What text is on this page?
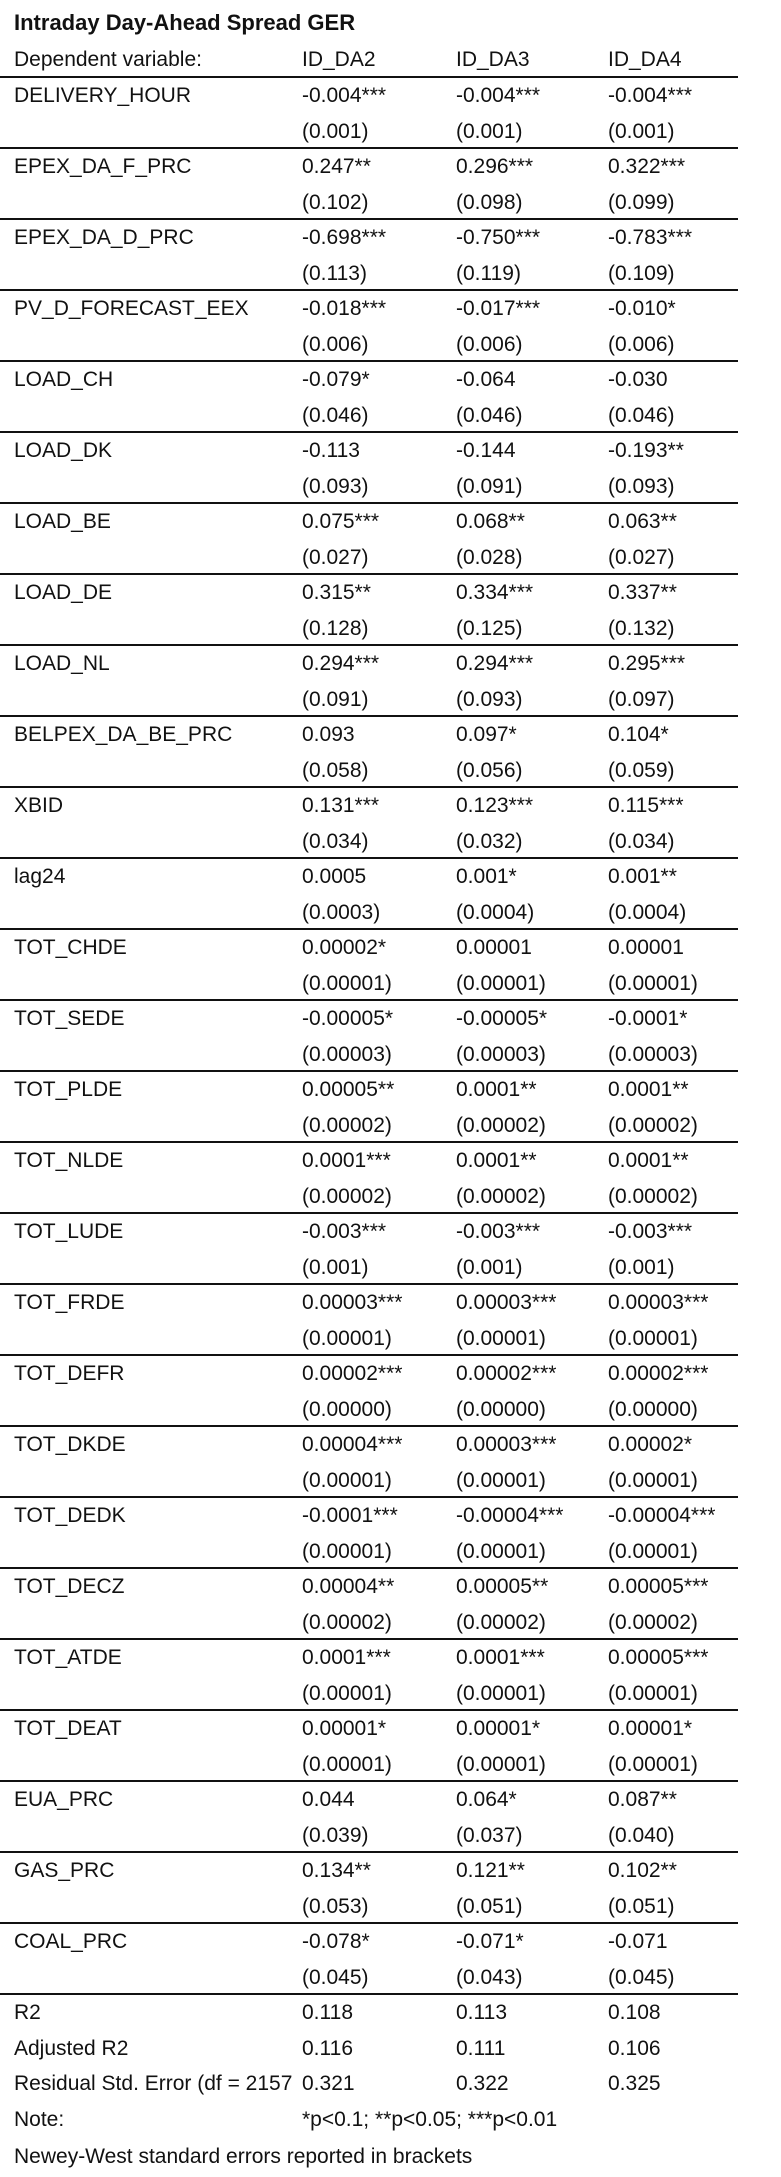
Intraday Day-Ahead Spread GER
Dependent variable:	ID_DA2	ID_DA3	ID_DA4
DELIVERY_HOUR	-0.004***	-0.004***	-0.004***
(0.001)	(0.001)	(0.001)
EPEX_DA_F_PRC	0.247**	0.296***	0.322***
(0.102)	(0.098)	(0.099)
EPEX_DA_D_PRC	-0.698***	-0.750***	-0.783***
(0.113)	(0.119)	(0.109)
PV_D_FORECAST_EEX	-0.018***	-0.017***	-0.010*
(0.006)	(0.006)	(0.006)
LOAD_CH	-0.079*	-0.064	-0.030
(0.046)	(0.046)	(0.046)
LOAD_DK	-0.113	-0.144	-0.193**
(0.093)	(0.091)	(0.093)
LOAD_BE	0.075***	0.068**	0.063**
(0.027)	(0.028)	(0.027)
LOAD_DE	0.315**	0.334***	0.337**
(0.128)	(0.125)	(0.132)
LOAD_NL	0.294***	0.294***	0.295***
(0.091)	(0.093)	(0.097)
BELPEX_DA_BE_PRC	0.093	0.097*	0.104*
(0.058)	(0.056)	(0.059)
XBID	0.131***	0.123***	0.115***
(0.034)	(0.032)	(0.034)
lag24	0.0005	0.001*	0.001**
(0.0003)	(0.0004)	(0.0004)
TOT_CHDE	0.00002*	0.00001	0.00001
(0.00001)	(0.00001)	(0.00001)
TOT_SEDE	-0.00005*	-0.00005*	-0.0001*
(0.00003)	(0.00003)	(0.00003)
TOT_PLDE	0.00005**	0.0001**	0.0001**
(0.00002)	(0.00002)	(0.00002)
TOT_NLDE	0.0001***	0.0001**	0.0001**
(0.00002)	(0.00002)	(0.00002)
TOT_LUDE	-0.003***	-0.003***	-0.003***
(0.001)	(0.001)	(0.001)
TOT_FRDE	0.00003***	0.00003***	0.00003***
(0.00001)	(0.00001)	(0.00001)
TOT_DEFR	0.00002***	0.00002***	0.00002***
(0.00000)	(0.00000)	(0.00000)
TOT_DKDE	0.00004***	0.00003***	0.00002*
(0.00001)	(0.00001)	(0.00001)
TOT_DEDK	-0.0001***	-0.00004***	-0.00004***
(0.00001)	(0.00001)	(0.00001)
TOT_DECZ	0.00004**	0.00005**	0.00005***
(0.00002)	(0.00002)	(0.00002)
TOT_ATDE	0.0001***	0.0001***	0.00005***
(0.00001)	(0.00001)	(0.00001)
TOT_DEAT	0.00001*	0.00001*	0.00001*
(0.00001)	(0.00001)	(0.00001)
EUA_PRC	0.044	0.064*	0.087**
(0.039)	(0.037)	(0.040)
GAS_PRC	0.134**	0.121**	0.102**
(0.053)	(0.051)	(0.051)
COAL_PRC	-0.078*	-0.071*	-0.071
(0.045)	(0.043)	(0.045)
R2	0.118	0.113	0.108
Adjusted R2	0.116	0.111	0.106
Residual Std. Error (df = 2157 0.321	0.322	0.325
Note:	*p<0.1; **p<0.05; ***p<0.01
Newey-West standard errors reported in brackets
